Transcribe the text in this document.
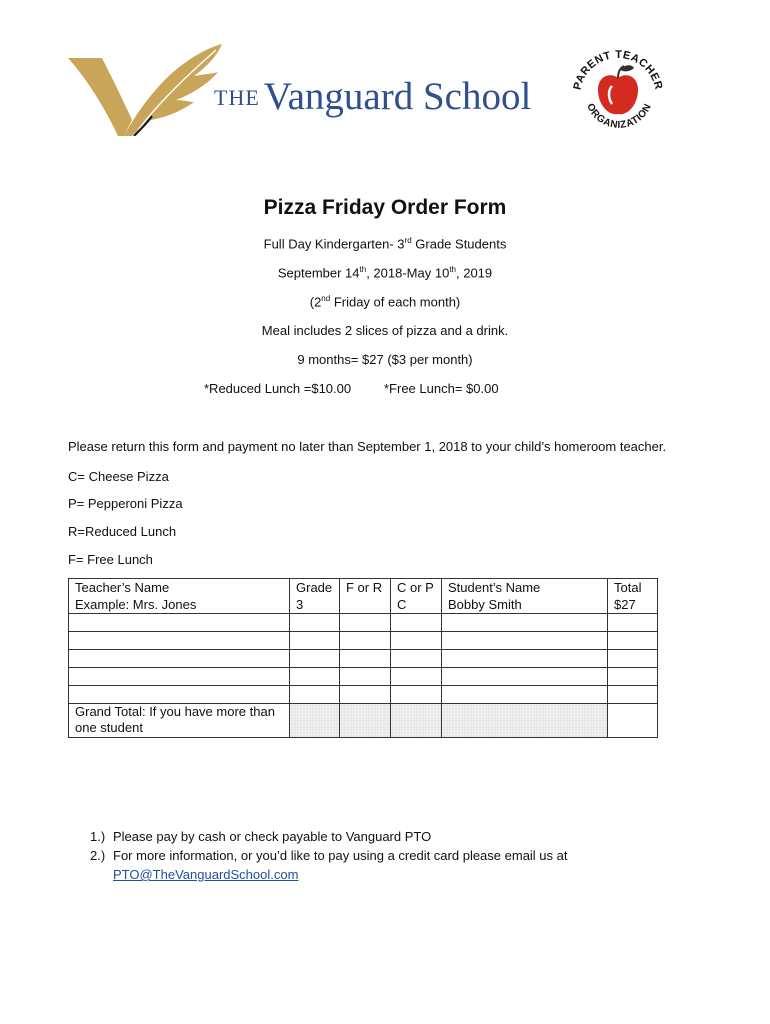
THE Vanguard School	PARENT TEACHER
ORGANIZATION
Pizza Friday Order Form
Full Day Kindergarten- 3rd Grade Students
September 14th, 2018-May 10th, 2019
(2nd Friday of each month)
Meal includes 2 slices of pizza and a drink.
9 months= $27 ($3 per month)
*Reduced Lunch =$10.00	*Free Lunch= $0.00
Please return this form and payment no later than September 1, 2018 to your child’s homeroom teacher.
C= Cheese Pizza
P= Pepperoni Pizza
R=Reduced Lunch
F= Free Lunch
Teacher’s Name	Grade	F or R	C or P	Student’s Name	Total
Example: Mrs. Jones	3		C	Bobby Smith	$27

Grand Total: If you have more than one student					
1.) Please pay by cash or check payable to Vanguard PTO
2.) For more information, or you’d like to pay using a credit card please email us at
PTO@TheVanguardSchool.com
